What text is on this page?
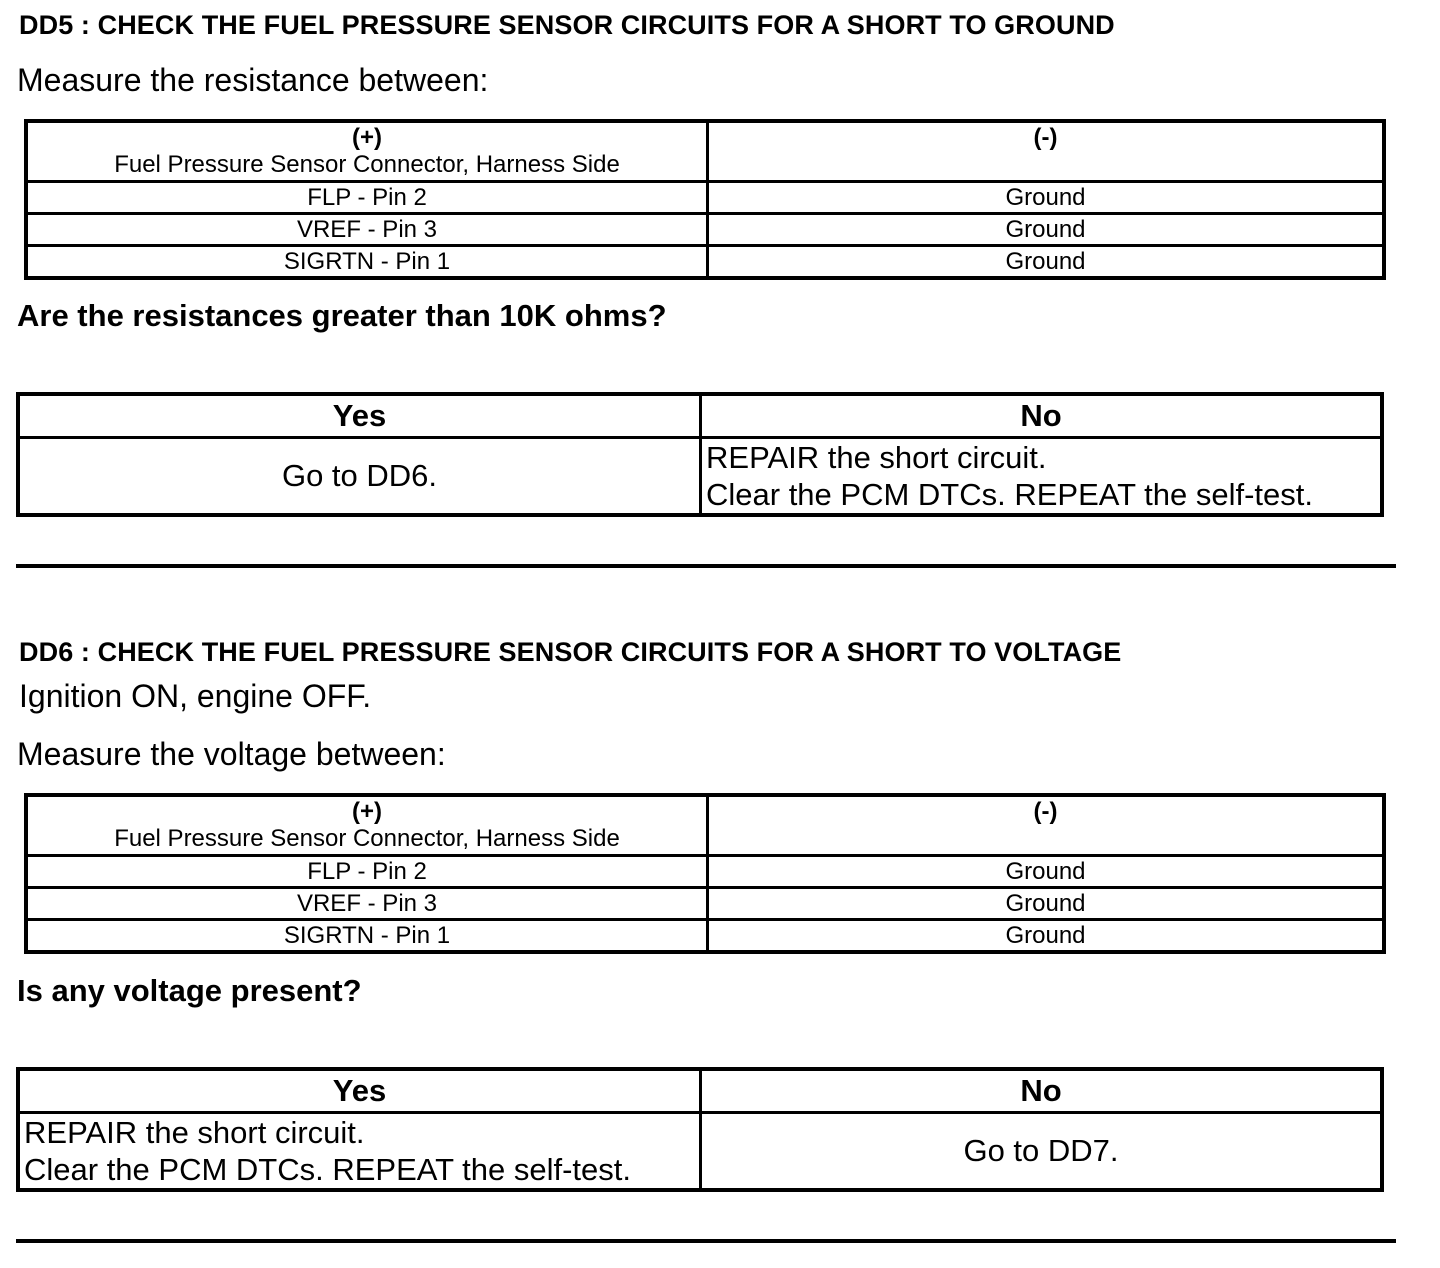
DD5 : CHECK THE FUEL PRESSURE SENSOR CIRCUITS FOR A SHORT TO GROUND
Measure the resistance between:
(+)
Fuel Pressure Sensor Connector, Harness Side	(-)

FLP - Pin 2	Ground
VREF - Pin 3	Ground
SIGRTN - Pin 1	Ground
Are the resistances greater than 10K ohms?
Yes	No
Go to DD6.	REPAIR the short circuit.
Clear the PCM DTCs. REPEAT the self-test.
DD6 : CHECK THE FUEL PRESSURE SENSOR CIRCUITS FOR A SHORT TO VOLTAGE
Ignition ON, engine OFF.
Measure the voltage between:
(+)
Fuel Pressure Sensor Connector, Harness Side	(-)

FLP - Pin 2	Ground
VREF - Pin 3	Ground
SIGRTN - Pin 1	Ground
Is any voltage present?
Yes	No

REPAIR the short circuit.
Clear the PCM DTCs. REPEAT the self-test.	Go to DD7.
